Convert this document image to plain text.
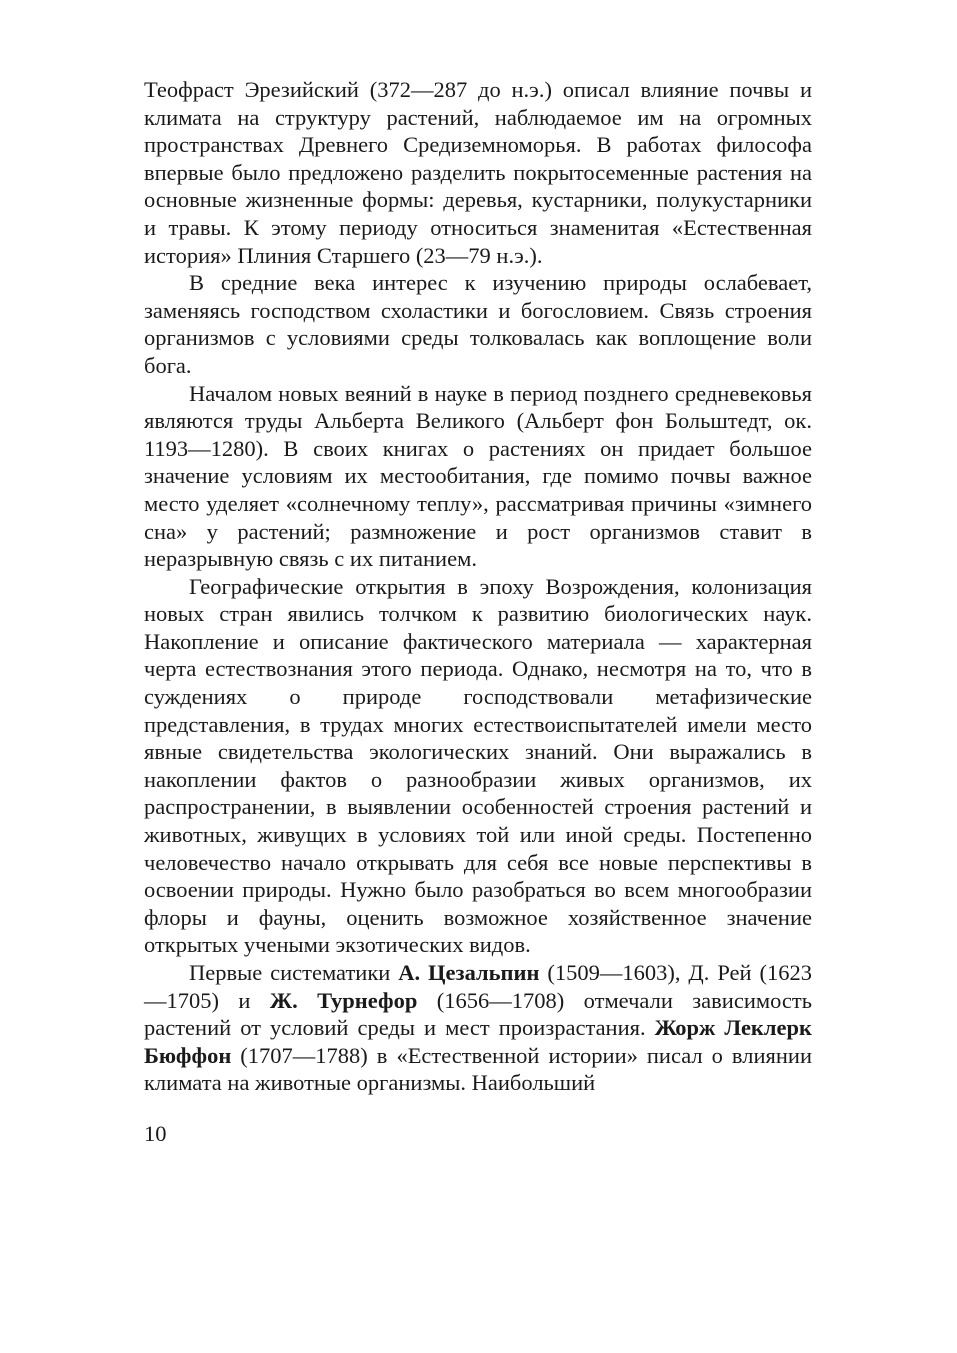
Теофраст Эрезийский (372—287 до н.э.) описал влияние почвы и климата на структуру растений, наблюдаемое им на огромных пространствах Древнего Средиземноморья. В работах философа впервые было предложено разделить покрытосеменные растения на основные жизненные формы: деревья, кустарники, полукустарники и травы. К этому периоду относиться знаменитая «Естественная история» Плиния Старшего (23—79 н.э.).

В средние века интерес к изучению природы ослабевает, заменяясь господством схоластики и богословием. Связь строения организмов с условиями среды толковалась как воплощение воли бога.

Началом новых веяний в науке в период позднего средневековья являются труды Альберта Великого (Альберт фон Больштедт, ок. 1193—1280). В своих книгах о растениях он придает большое значение условиям их местообитания, где помимо почвы важное место уделяет «солнечному теплу», рассматривая причины «зимнего сна» у растений; размножение и рост организмов ставит в неразрывную связь с их питанием.

Географические открытия в эпоху Возрождения, колонизация новых стран явились толчком к развитию биологических наук. Накопление и описание фактического материала — характерная черта естествознания этого периода. Однако, несмотря на то, что в суждениях о природе господствовали метафизические представления, в трудах многих естествоиспытателей имели место явные свидетельства экологических знаний. Они выражались в накоплении фактов о разнообразии живых организмов, их распространении, в выявлении особенностей строения растений и животных, живущих в условиях той или иной среды. Постепенно человечество начало открывать для себя все новые перспективы в освоении природы. Нужно было разобраться во всем многообразии флоры и фауны, оценить возможное хозяйственное значение открытых учеными экзотических видов.

Первые систематики А. Цезальпин (1509—1603), Д. Рей (1623—1705) и Ж. Турнефор (1656—1708) отмечали зависимость растений от условий среды и мест произрастания. Жорж Леклерк Бюффон (1707—1788) в «Естественной истории» писал о влиянии климата на животные организмы. Наибольший

10
